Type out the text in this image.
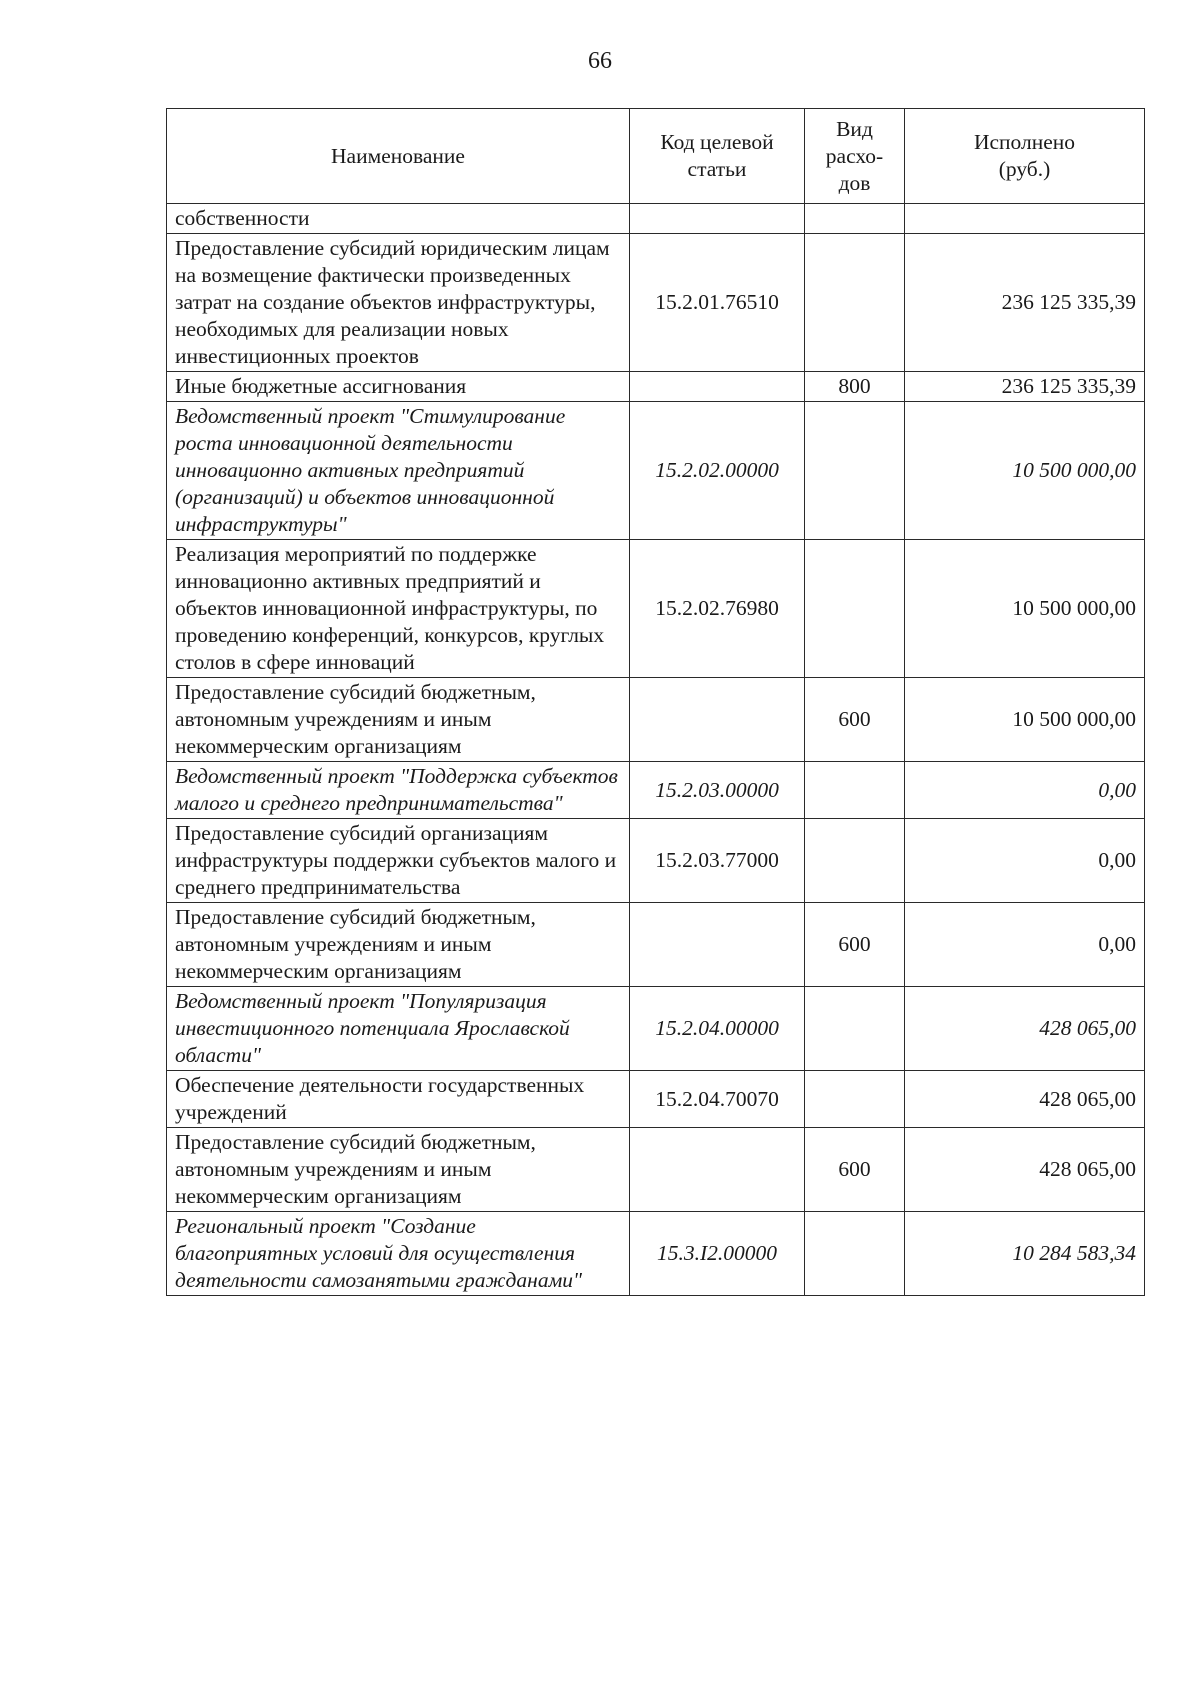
66
Наименование	Код целевой статьи	Вид расхо-дов	Исполнено (руб.)

собственности			
Предоставление субсидий юридическим лицам на возмещение фактически произведенных затрат на создание объектов инфраструктуры, необходимых для реализации новых инвестиционных проектов	15.2.01.76510		236 125 335,39
Иные бюджетные ассигнования		800	236 125 335,39
Ведомственный проект "Стимулирование роста инновационной деятельности инновационно активных предприятий (организаций) и объектов инновационной инфраструктуры"	15.2.02.00000		10 500 000,00
Реализация мероприятий по поддержке инновационно активных предприятий и объектов инновационной инфраструктуры, по проведению конференций, конкурсов, круглых столов в сфере инноваций	15.2.02.76980		10 500 000,00
Предоставление субсидий бюджетным, автономным учреждениям и иным некоммерческим организациям		600	10 500 000,00
Ведомственный проект "Поддержка субъектов малого и среднего предпринимательства"	15.2.03.00000		0,00
Предоставление субсидий организациям инфраструктуры поддержки субъектов малого и среднего предпринимательства	15.2.03.77000		0,00
Предоставление субсидий бюджетным, автономным учреждениям и иным некоммерческим организациям		600	0,00
Ведомственный проект "Популяризация инвестиционного потенциала Ярославской области"	15.2.04.00000		428 065,00
Обеспечение деятельности государственных учреждений	15.2.04.70070		428 065,00
Предоставление субсидий бюджетным, автономным учреждениям и иным некоммерческим организациям		600	428 065,00
Региональный проект "Создание благоприятных условий для осуществления деятельности самозанятыми гражданами"	15.3.I2.00000		10 284 583,34
